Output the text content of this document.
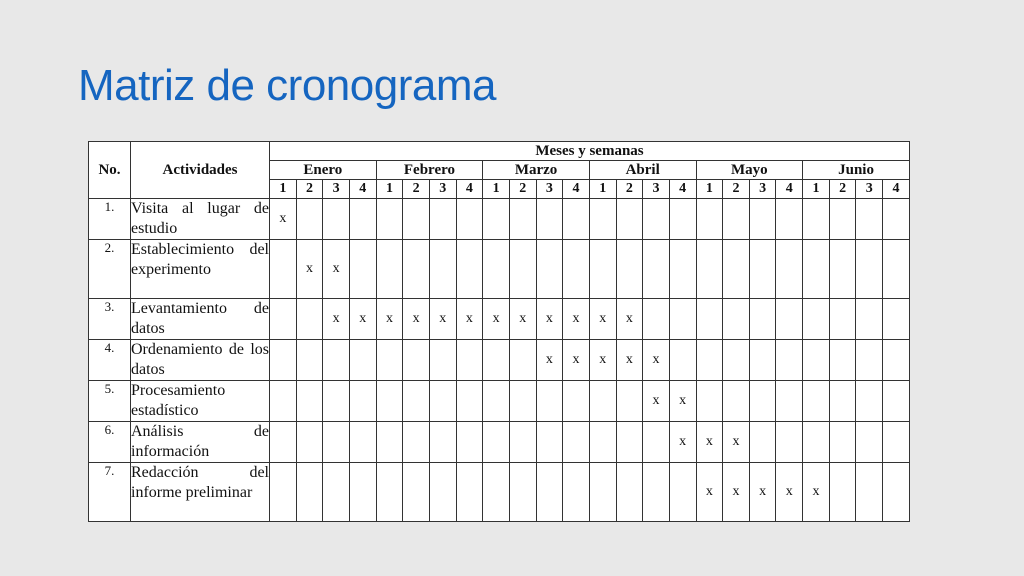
Matriz de cronograma
No.	Actividades	Meses y semanas																							
		Enero				Febrero				Marzo				Abril				Mayo				Junio			
		1	2	3	4	1	2	3	4	1	2	3	4	1	2	3	4	1	2	3	4	1	2	3	4
1.	Visita al lugar de estudio	x																							
2.	Establecimiento del experimento		x	x																					
3.	Levantamiento de datos			x	x	x	x	x	x	x	x	x	x	x	x										
4.	Ordenamiento de los datos											x	x	x	x	x									
5.	Procesamiento estadístico															x	x								
6.	Análisis de información																x	x	x						
7.	Redacción del informe preliminar																	x	x	x	x	x			
